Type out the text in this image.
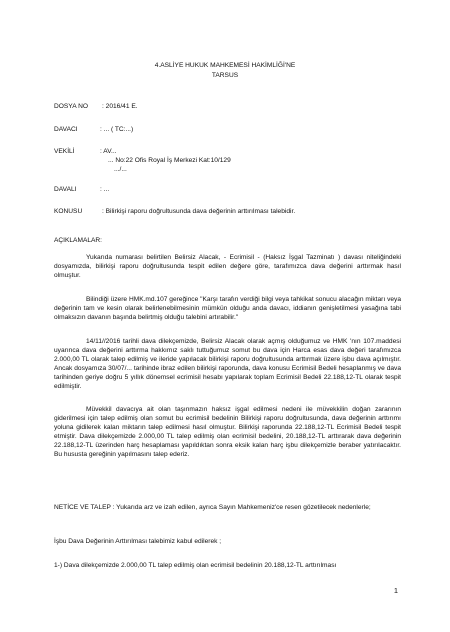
4.ASLİYE HUKUK MAHKEMESİ HAKİMLİĞİ'NE
TARSUS
DOSYA NO : 2016/41 E.
DAVACI	: ... ( TC:...)
VEKİLİ	: AV...
... No:22 Ofis Royal İş Merkezi Kat:10/129
.../...
DAVALI	: ...
KONUSU	: Bilirkişi raporu doğrultusunda dava değerinin arttırılması talebidir.
AÇIKLAMALAR:
Yukarıda numarası belirtilen Belirsiz Alacak, - Ecrimisil - (Haksız İşgal Tazminatı ) davası niteliğindeki dosyamızda, bilirkişi raporu doğrultusunda tespit edilen değere göre, tarafımızca dava değerini arttırmak hasıl olmuştur.
Bilindiği üzere HMK.md.107 gereğince "Karşı tarafın verdiği bilgi veya tahkikat sonucu alacağın miktarı veya değerinin tam ve kesin olarak belirlenebilmesinin mümkün olduğu anda davacı, iddianın genişletilmesi yasağına tabi olmaksızın davanın başında belirtmiş olduğu talebini artırabilir."
14/11//2016 tarihli dava dilekçemizde, Belirsiz Alacak olarak açmış olduğumuz ve HMK 'nın 107.maddesi uyarınca dava değerini arttırma hakkımız saklı tuttuğumuz somut bu dava için Harca esas dava değeri tarafımızca 2.000,00 TL olarak talep edilmiş ve ileride yapılacak bilirkişi raporu doğrultusunda arttırmak üzere işbu dava açılmıştır. Ancak dosyamıza 30/07/... tarihinde ibraz edilen bilirkişi raporunda, dava konusu Ecrimisil Bedeli hesaplanmış ve dava tarihinden geriye doğru 5 yıllık dönemsel ecrimisil hesabı yapılarak toplam Ecrimisil Bedeli 22.188,12-TL olarak tespit edilmiştir.
Müvekkil davacıya ait olan taşınmazın haksız işgal edilmesi nedeni ile müvekkilin doğan zararının giderilmesi için talep edilmiş olan somut bu ecrimisil bedelinin Bilirkişi raporu doğrultusunda, dava değerinin arttırımı yoluna gidilerek kalan miktarın talep edilmesi hasıl olmuştur. Bilirkişi raporunda 22.188,12-TL Ecrimisil Bedeli tespit etmiştir. Dava dilekçemizde 2.000,00 TL talep edilmiş olan ecrimisil bedelini, 20.188,12-TL arttırarak dava değerinin 22.188,12-TL üzerinden harç hesaplaması yapıldıktan sonra eksik kalan harç işbu dilekçemizle beraber yatırılacaktır. Bu hususta gereğinin yapılmasını talep ederiz.
NETİCE VE TALEP : Yukarıda arz ve izah edilen, ayrıca Sayın Mahkemeniz'ce resen gözetilecek nedenlerle;
İşbu Dava Değerinin Arttırılması talebimiz kabul edilerek ;
1-) Dava dilekçemizde 2.000,00 TL talep edilmiş olan ecrimisil bedelinin 20.188,12-TL arttırılması
1
